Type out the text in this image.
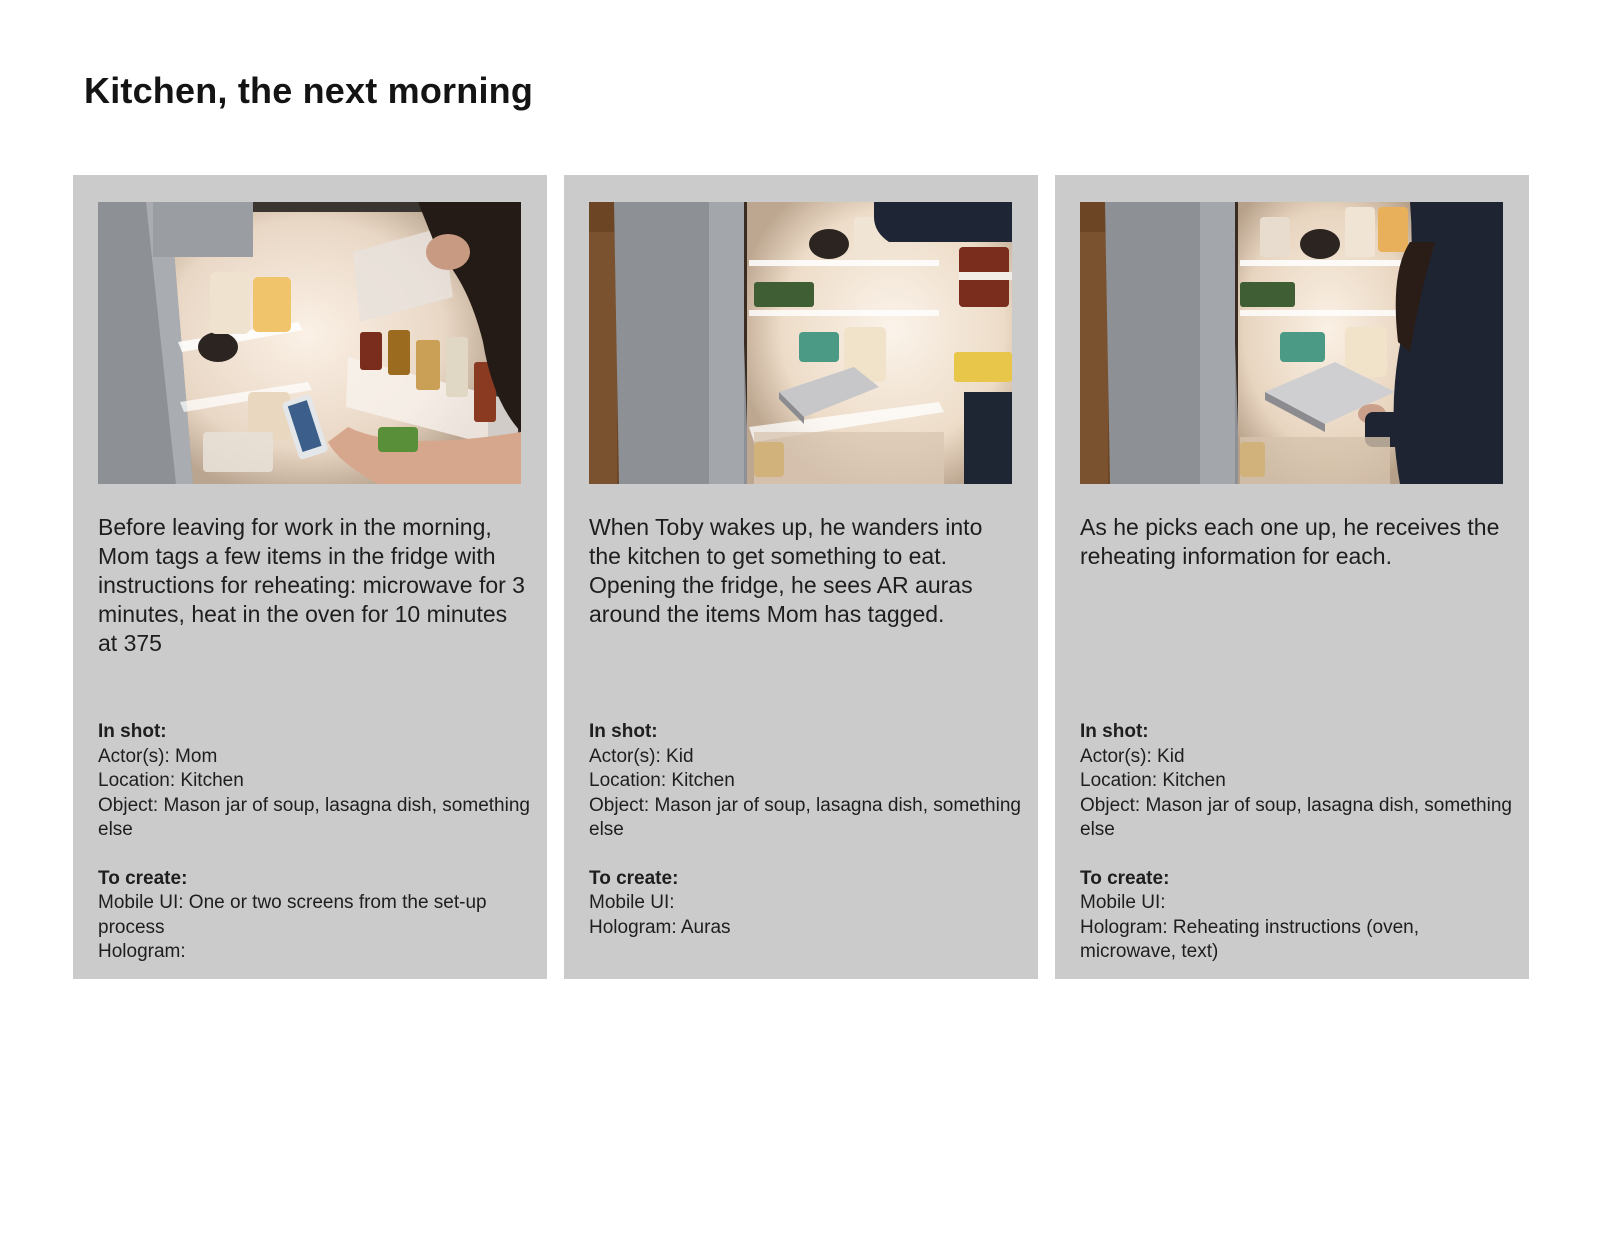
Kitchen, the next morning

Before leaving for work in the morning, Mom tags a few items in the fridge with instructions for reheating: microwave for 3 minutes, heat in the oven for 10 minutes at 375

In shot:
Actor(s): Mom
Location: Kitchen
Object: Mason jar of soup, lasagna dish, something else
To create:
Mobile UI: One or two screens from the set-up process
Hologram:

When Toby wakes up, he wanders into the kitchen to get something to eat. Opening the fridge, he sees AR auras around the items Mom has tagged.

In shot:
Actor(s): Kid
Location: Kitchen
Object: Mason jar of soup, lasagna dish, something else
To create:
Mobile UI:
Hologram: Auras

As he picks each one up, he receives the reheating information for each.

In shot:
Actor(s): Kid
Location: Kitchen
Object: Mason jar of soup, lasagna dish, something else
To create:
Mobile UI:
Hologram: Reheating instructions (oven, microwave, text)
